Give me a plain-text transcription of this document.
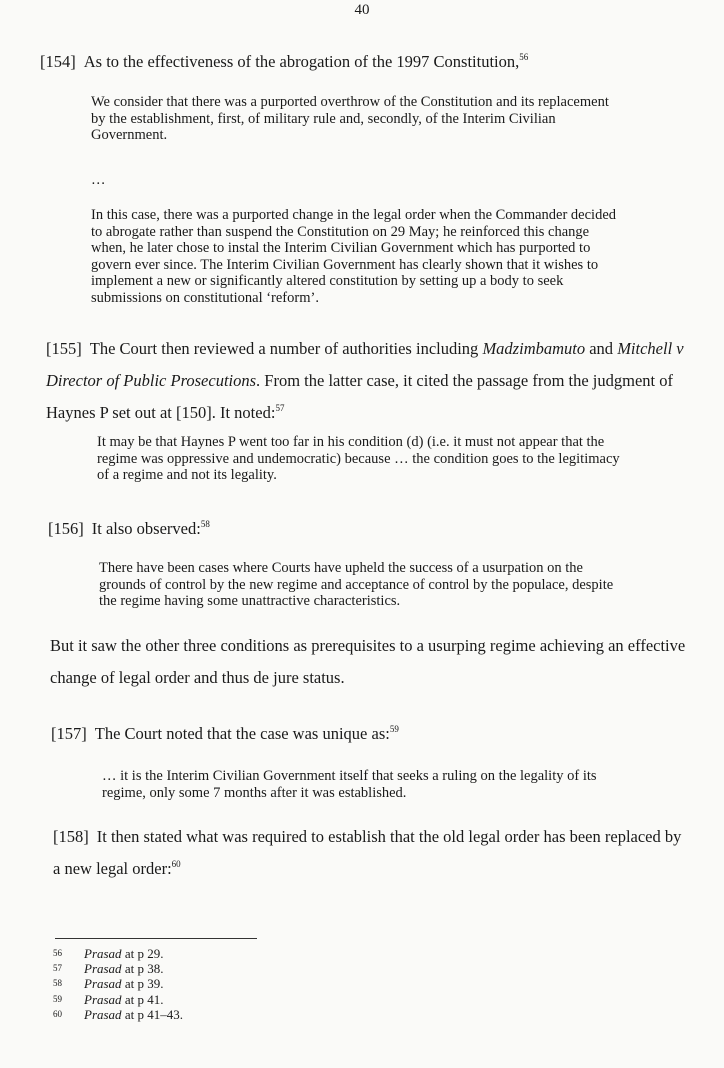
40
[154] As to the effectiveness of the abrogation of the 1997 Constitution,$^{56}$
We consider that there was a purported overthrow of the Constitution and its replacement by the establishment, first, of military rule and, secondly, of the Interim Civilian Government.
…
In this case, there was a purported change in the legal order when the Commander decided to abrogate rather than suspend the Constitution on 29 May; he reinforced this change when, he later chose to instal the Interim Civilian Government which has purported to govern ever since. The Interim Civilian Government has clearly shown that it wishes to implement a new or significantly altered constitution by setting up a body to seek submissions on constitutional ‘reform’.
[155] The Court then reviewed a number of authorities including Madzimbamuto and Mitchell v Director of Public Prosecutions. From the latter case, it cited the passage from the judgment of Haynes P set out at [150]. It noted:$^{57}$
It may be that Haynes P went too far in his condition (d) (i.e. it must not appear that the regime was oppressive and undemocratic) because … the condition goes to the legitimacy of a regime and not its legality.
[156] It also observed:$^{58}$
There have been cases where Courts have upheld the success of a usurpation on the grounds of control by the new regime and acceptance of control by the populace, despite the regime having some unattractive characteristics.
But it saw the other three conditions as prerequisites to a usurping regime achieving an effective change of legal order and thus de jure status.
[157] The Court noted that the case was unique as:$^{59}$
… it is the Interim Civilian Government itself that seeks a ruling on the legality of its regime, only some 7 months after it was established.
[158] It then stated what was required to establish that the old legal order has been replaced by a new legal order:$^{60}$
56	Prasad at p 29.
57	Prasad at p 38.
58	Prasad at p 39.
59	Prasad at p 41.
60	Prasad at p 41–43.
